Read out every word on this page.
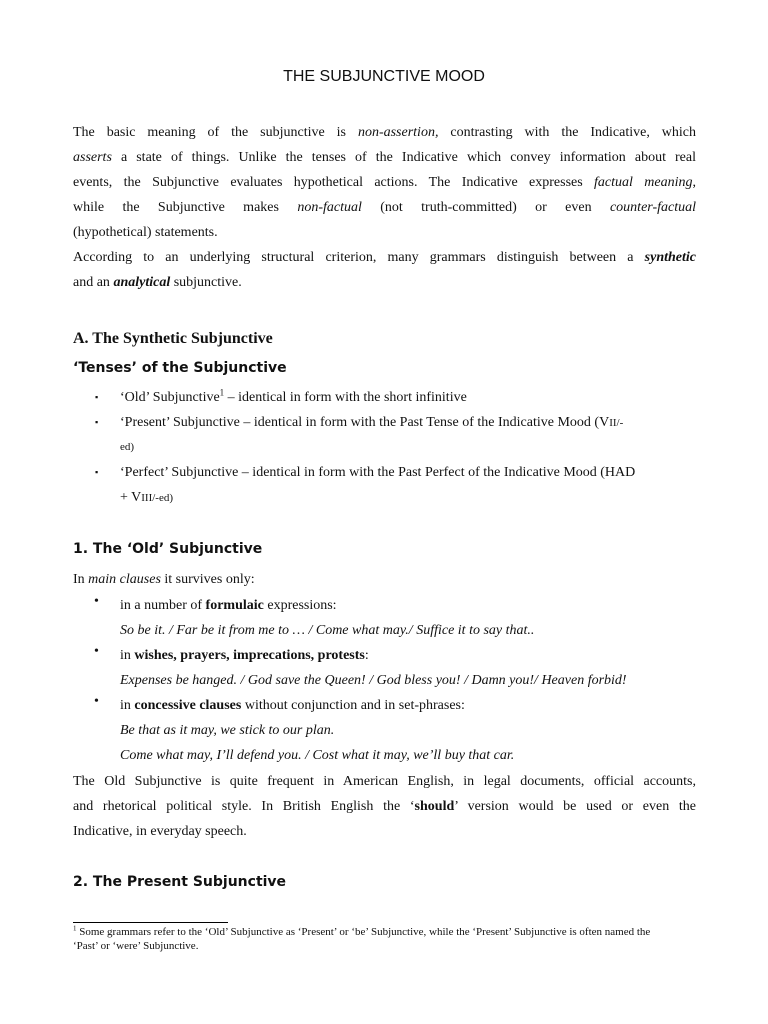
THE SUBJUNCTIVE MOOD
The basic meaning of the subjunctive is non-assertion, contrasting with the Indicative, which
asserts a state of things. Unlike the tenses of the Indicative which convey information about real
events, the Subjunctive evaluates hypothetical actions. The Indicative expresses factual meaning,
while the Subjunctive makes non-factual (not truth-committed) or even counter-factual
(hypothetical) statements.
According to an underlying structural criterion, many grammars distinguish between a synthetic
and an analytical subjunctive.
A. The Synthetic Subjunctive
‘Tenses’ of the Subjunctive
▪ ‘Old’ Subjunctive$^1$ – identical in form with the short infinitive
▪ ‘Present’ Subjunctive – identical in form with the Past Tense of the Indicative Mood (VII/-
ed)
▪ ‘Perfect’ Subjunctive – identical in form with the Past Perfect of the Indicative Mood (HAD
+ VIII/-ed)
1. The ‘Old’ Subjunctive
In main clauses it survives only:
• in a number of formulaic expressions:
So be it. / Far be it from me to … / Come what may./ Suffice it to say that..
• in wishes, prayers, imprecations, protests:
Expenses be hanged. / God save the Queen! / God bless you! / Damn you!/ Heaven forbid!
• in concessive clauses without conjunction and in set-phrases:
Be that as it may, we stick to our plan.
Come what may, I’ll defend you. / Cost what it may, we’ll buy that car.
The Old Subjunctive is quite frequent in American English, in legal documents, official accounts,
and rhetorical political style. In British English the ‘should’ version would be used or even the
Indicative, in everyday speech.
2. The Present Subjunctive
$^1$ Some grammars refer to the ‘Old’ Subjunctive as ‘Present’ or ‘be’ Subjunctive, while the ‘Present’ Subjunctive is often named the ‘Past’ or ‘were’ Subjunctive.
